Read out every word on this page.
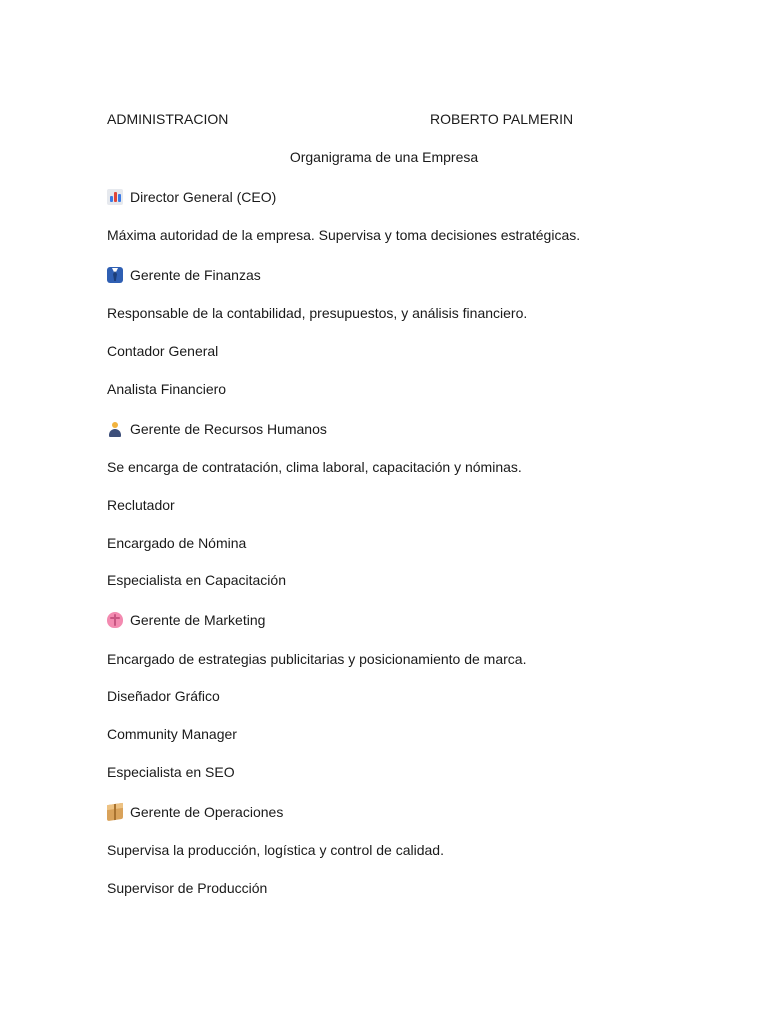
ADMINISTRACION	ROBERTO PALMERIN
Organigrama de una Empresa
Director General (CEO)
Máxima autoridad de la empresa. Supervisa y toma decisiones estratégicas.
Gerente de Finanzas
Responsable de la contabilidad, presupuestos, y análisis financiero.
Contador General
Analista Financiero
Gerente de Recursos Humanos
Se encarga de contratación, clima laboral, capacitación y nóminas.
Reclutador
Encargado de Nómina
Especialista en Capacitación
Gerente de Marketing
Encargado de estrategias publicitarias y posicionamiento de marca.
Diseñador Gráfico
Community Manager
Especialista en SEO
Gerente de Operaciones
Supervisa la producción, logística y control de calidad.
Supervisor de Producción
